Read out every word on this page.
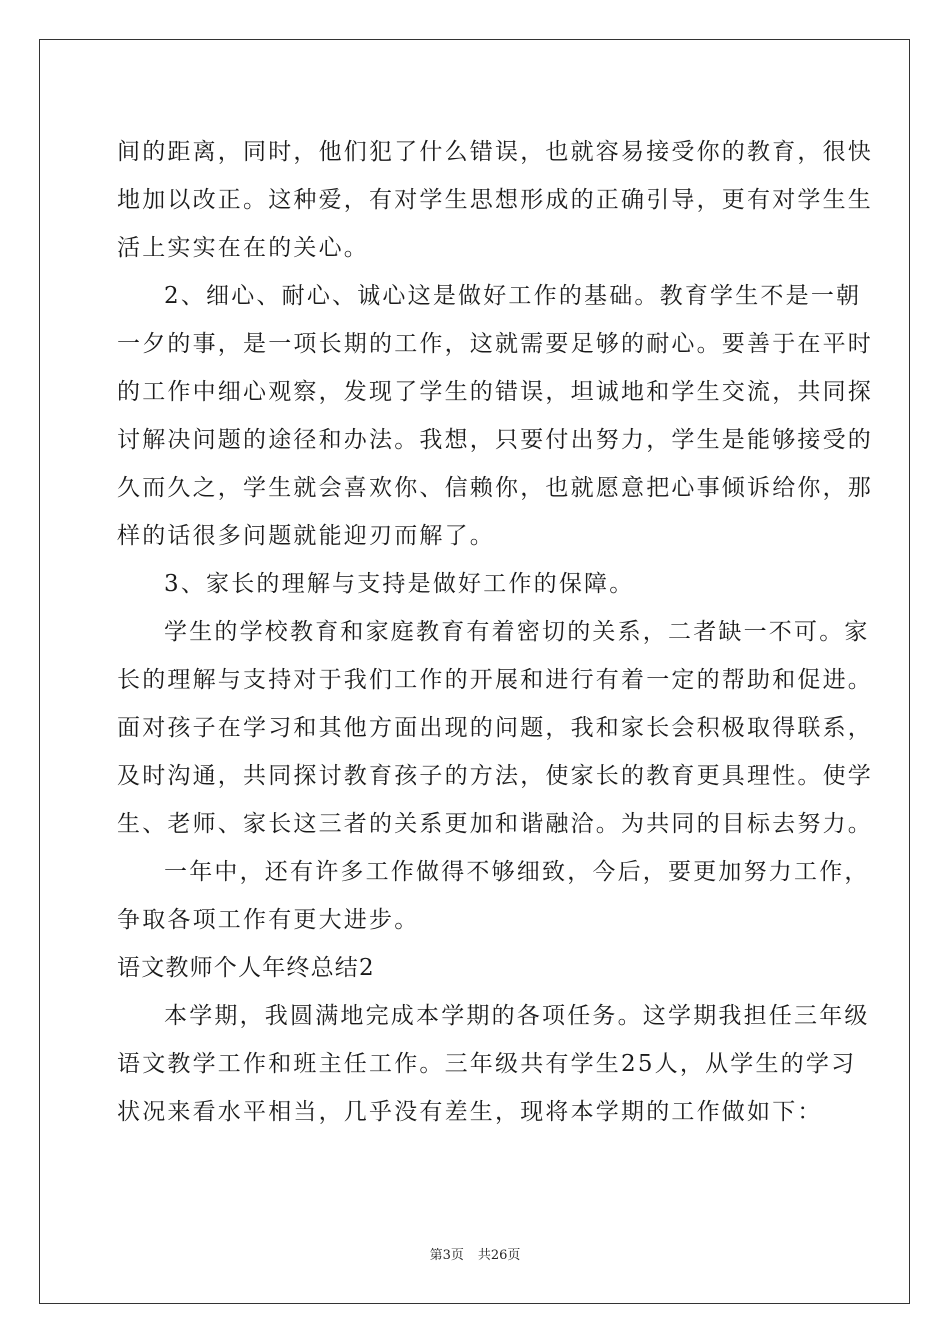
间的距离，同时，他们犯了什么错误，也就容易接受你的教育，很快
地加以改正。这种爱，有对学生思想形成的正确引导，更有对学生生
活上实实在在的关心。
2、细心、耐心、诚心这是做好工作的基础。教育学生不是一朝
一夕的事，是一项长期的工作，这就需要足够的耐心。要善于在平时
的工作中细心观察，发现了学生的错误，坦诚地和学生交流，共同探
讨解决问题的途径和办法。我想，只要付出努力，学生是能够接受的
久而久之，学生就会喜欢你、信赖你，也就愿意把心事倾诉给你，那
样的话很多问题就能迎刃而解了。
3、家长的理解与支持是做好工作的保障。
学生的学校教育和家庭教育有着密切的关系，二者缺一不可。家
长的理解与支持对于我们工作的开展和进行有着一定的帮助和促进。
面对孩子在学习和其他方面出现的问题，我和家长会积极取得联系，
及时沟通，共同探讨教育孩子的方法，使家长的教育更具理性。使学
生、老师、家长这三者的关系更加和谐融洽。为共同的目标去努力。
一年中，还有许多工作做得不够细致，今后，要更加努力工作，
争取各项工作有更大进步。
语文教师个人年终总结2
本学期，我圆满地完成本学期的各项任务。这学期我担任三年级
语文教学工作和班主任工作。三年级共有学生25人，从学生的学习
状况来看水平相当，几乎没有差生，现将本学期的工作做如下：
第3页 共26页
